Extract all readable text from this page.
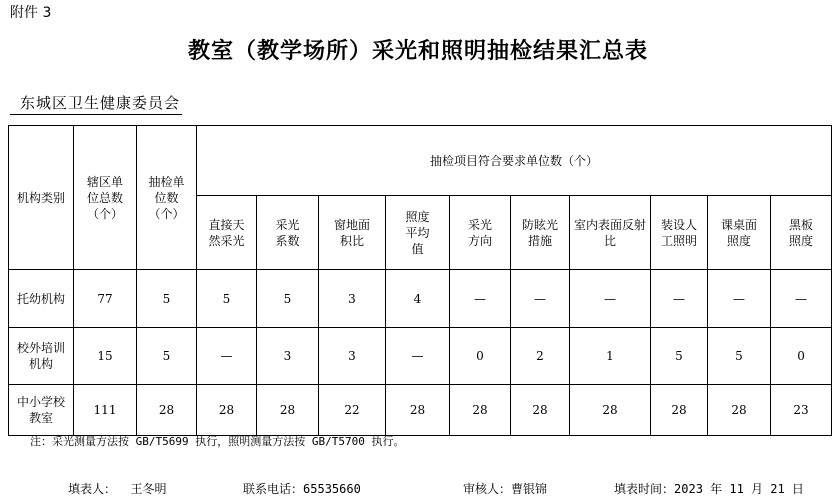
附件 3
教室（教学场所）采光和照明抽检结果汇总表
东城区卫生健康委员会
机构类别	辖区单位总数（个）	抽检单位数（个）	抽检项目符合要求单位数（个）									
			直接天然采光	采光系数	窗地面积比	照度平均值	采光方向	防眩光措施	室内表面反射比	装设人工照明	课桌面照度	黑板照度
托幼机构	77	5	5	5	3	4	—	—	—	—	—	—
校外培训机构	15	5	—	3	3	—	0	2	1	5	5	0
中小学校教室	111	28	28	28	22	28	28	28	28	28	28	23
注：采光测量方法按 GB/T5699 执行，照明测量方法按 GB/T5700 执行。
填表人： 王冬明	联系电话：65535660	审核人：曹银锦	填表时间：2023 年 11 月 21 日
